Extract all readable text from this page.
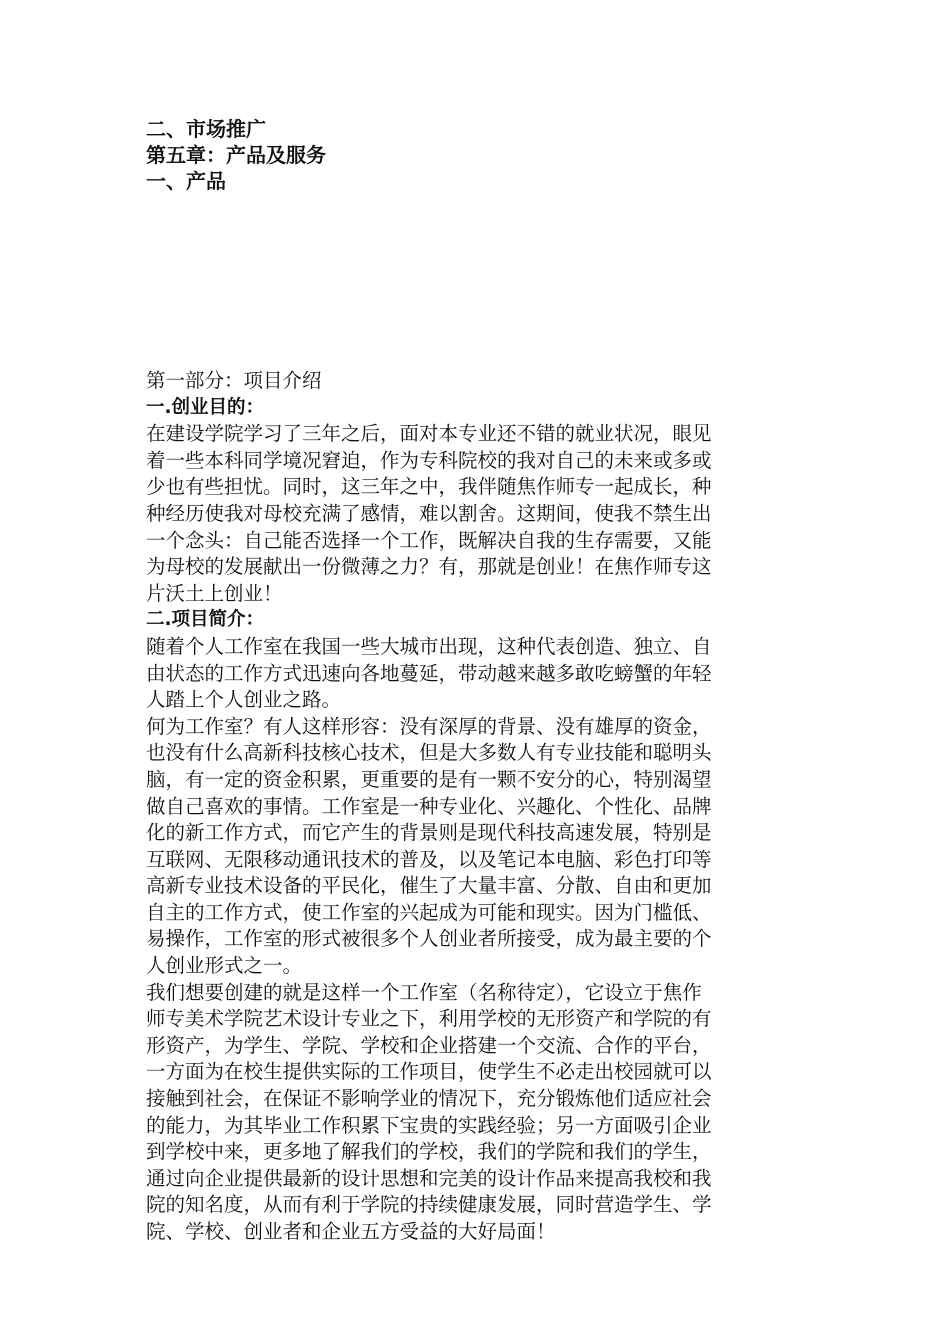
二、市场推广
第五章：产品及服务
一、产品
第一部分：项目介绍
一.创业目的：
在建设学院学习了三年之后，面对本专业还不错的就业状况，眼见
着一些本科同学境况窘迫，作为专科院校的我对自己的未来或多或
少也有些担忧。同时，这三年之中，我伴随焦作师专一起成长，种
种经历使我对母校充满了感情，难以割舍。这期间，使我不禁生出
一个念头：自己能否选择一个工作，既解决自我的生存需要，又能
为母校的发展献出一份微薄之力？有，那就是创业！在焦作师专这
片沃土上创业！
二.项目简介：
随着个人工作室在我国一些大城市出现，这种代表创造、独立、自
由状态的工作方式迅速向各地蔓延，带动越来越多敢吃螃蟹的年轻
人踏上个人创业之路。
何为工作室？有人这样形容：没有深厚的背景、没有雄厚的资金，
也没有什么高新科技核心技术，但是大多数人有专业技能和聪明头
脑，有一定的资金积累，更重要的是有一颗不安分的心，特别渴望
做自己喜欢的事情。工作室是一种专业化、兴趣化、个性化、品牌
化的新工作方式，而它产生的背景则是现代科技高速发展，特别是
互联网、无限移动通讯技术的普及，以及笔记本电脑、彩色打印等
高新专业技术设备的平民化，催生了大量丰富、分散、自由和更加
自主的工作方式，使工作室的兴起成为可能和现实。因为门槛低、
易操作，工作室的形式被很多个人创业者所接受，成为最主要的个
人创业形式之一。
我们想要创建的就是这样一个工作室（名称待定），它设立于焦作
师专美术学院艺术设计专业之下，利用学校的无形资产和学院的有
形资产，为学生、学院、学校和企业搭建一个交流、合作的平台，
一方面为在校生提供实际的工作项目，使学生不必走出校园就可以
接触到社会，在保证不影响学业的情况下，充分锻炼他们适应社会
的能力，为其毕业工作积累下宝贵的实践经验；另一方面吸引企业
到学校中来，更多地了解我们的学校，我们的学院和我们的学生，
通过向企业提供最新的设计思想和完美的设计作品来提高我校和我
院的知名度，从而有利于学院的持续健康发展，同时营造学生、学
院、学校、创业者和企业五方受益的大好局面！
